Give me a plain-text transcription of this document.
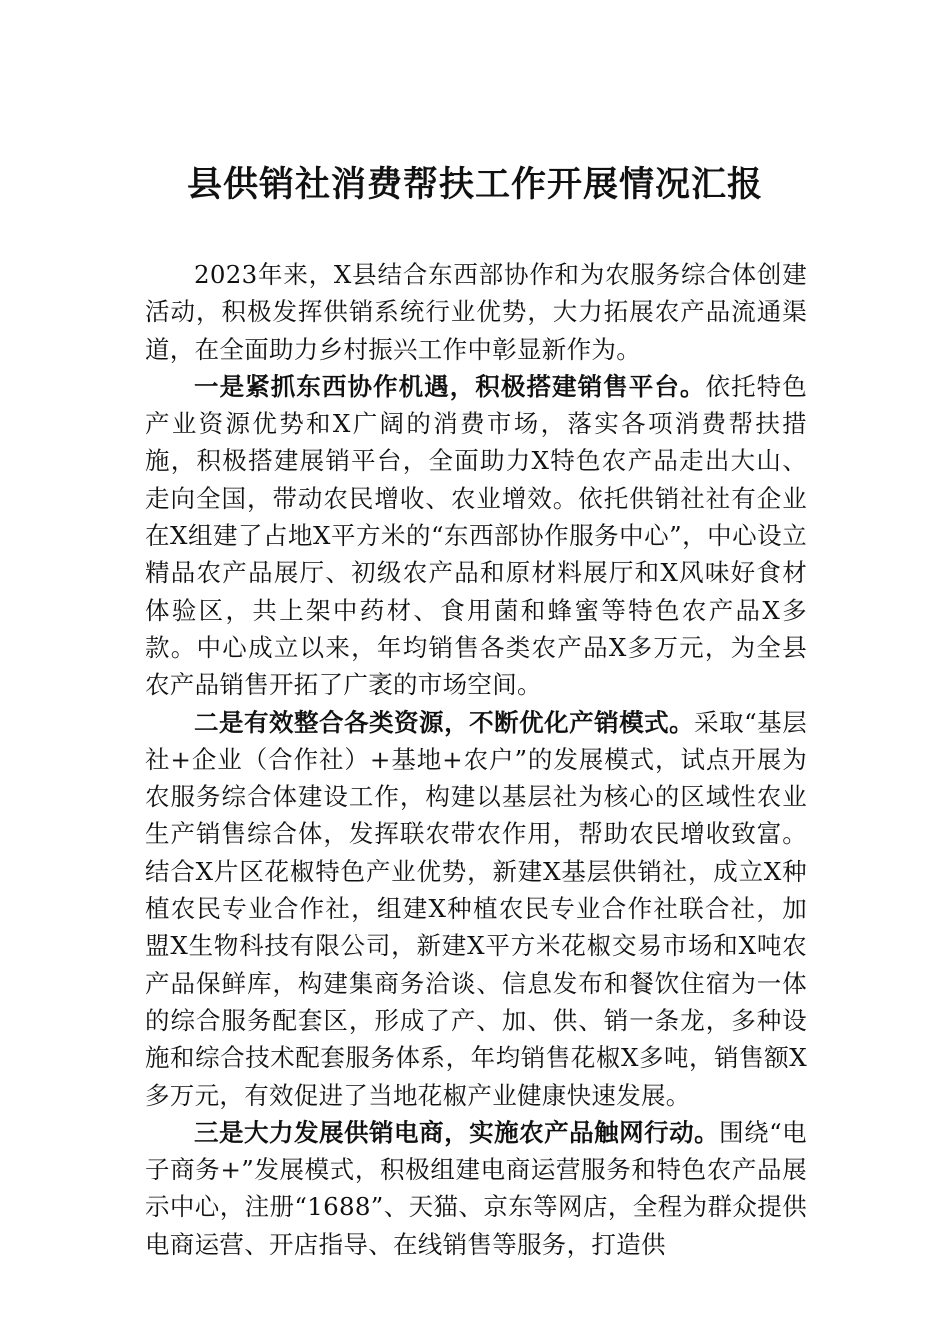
县供销社消费帮扶工作开展情况汇报

2023年来，X县结合东西部协作和为农服务综合体创建活动，积极发挥供销系统行业优势，大力拓展农产品流通渠道，在全面助力乡村振兴工作中彰显新作为。

一是紧抓东西协作机遇，积极搭建销售平台。依托特色产业资源优势和X广阔的消费市场，落实各项消费帮扶措施，积极搭建展销平台，全面助力X特色农产品走出大山、走向全国，带动农民增收、农业增效。依托供销社社有企业在X组建了占地X平方米的“东西部协作服务中心”，中心设立精品农产品展厅、初级农产品和原材料展厅和X风味好食材体验区，共上架中药材、食用菌和蜂蜜等特色农产品X多款。中心成立以来，年均销售各类农产品X多万元，为全县农产品销售开拓了广袤的市场空间。

二是有效整合各类资源，不断优化产销模式。采取“基层社+企业（合作社）+基地+农户”的发展模式，试点开展为农服务综合体建设工作，构建以基层社为核心的区域性农业生产销售综合体，发挥联农带农作用，帮助农民增收致富。结合X片区花椒特色产业优势，新建X基层供销社，成立X种植农民专业合作社，组建X种植农民专业合作社联合社，加盟X生物科技有限公司，新建X平方米花椒交易市场和X吨农产品保鲜库，构建集商务洽谈、信息发布和餐饮住宿为一体的综合服务配套区，形成了产、加、供、销一条龙，多种设施和综合技术配套服务体系，年均销售花椒X多吨，销售额X多万元，有效促进了当地花椒产业健康快速发展。

三是大力发展供销电商，实施农产品触网行动。围绕“电子商务+”发展模式，积极组建电商运营服务和特色农产品展示中心，注册“1688”、天猫、京东等网店，全程为群众提供电商运营、开店指导、在线销售等服务，打造供
